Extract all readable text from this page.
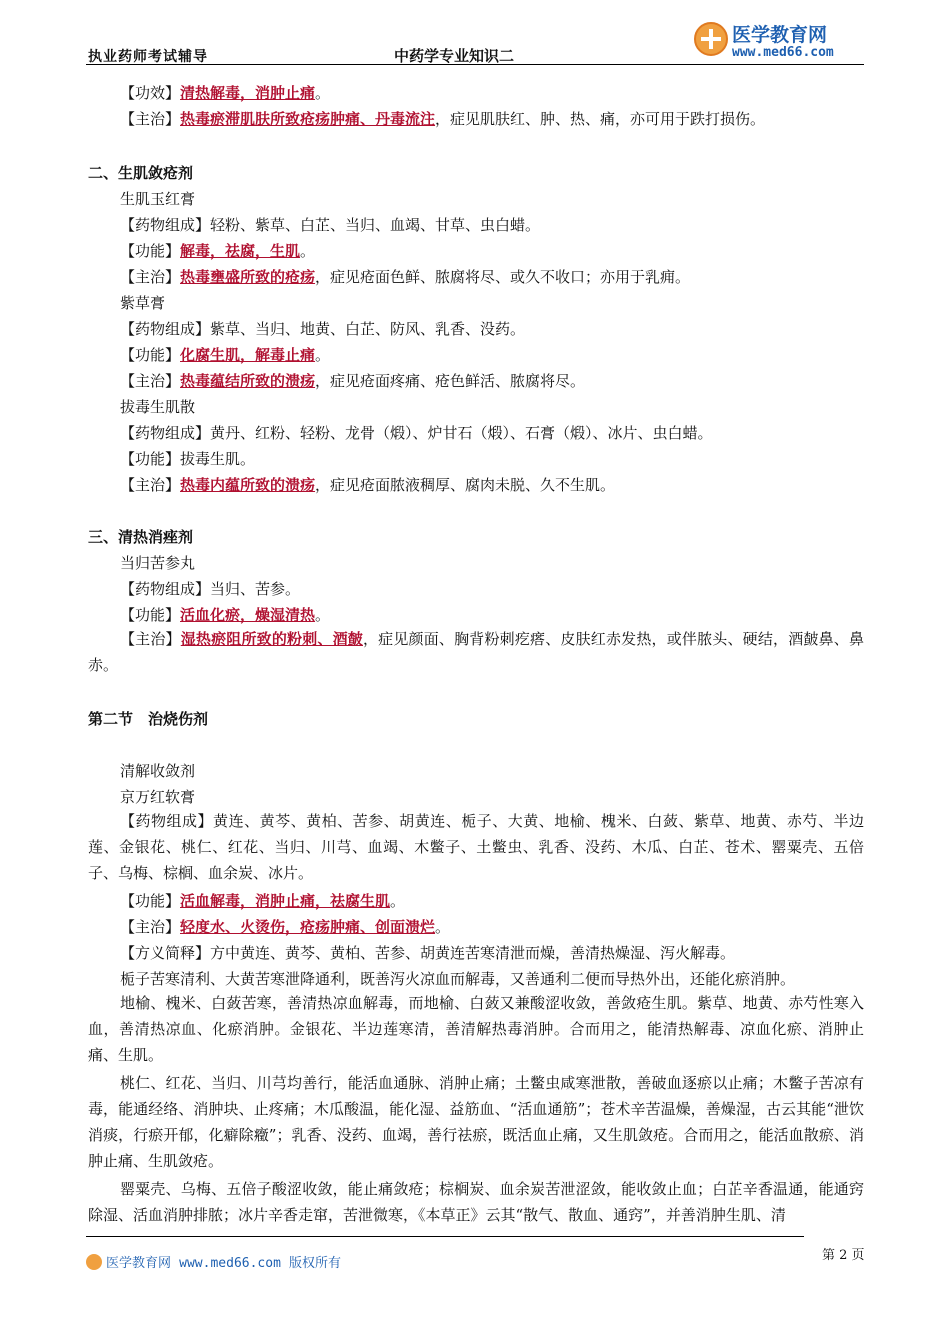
执业药师考试辅导	中药学专业知识二
医学教育网
www.med66.com
【功效】清热解毒，消肿止痛。
【主治】热毒瘀滞肌肤所致疮疡肿痛、丹毒流注，症见肌肤红、肿、热、痛，亦可用于跌打损伤。
二、生肌敛疮剂
生肌玉红膏
【药物组成】轻粉、紫草、白芷、当归、血竭、甘草、虫白蜡。
【功能】解毒，祛腐，生肌。
【主治】热毒壅盛所致的疮疡，症见疮面色鲜、脓腐将尽、或久不收口；亦用于乳痈。
紫草膏
【药物组成】紫草、当归、地黄、白芷、防风、乳香、没药。
【功能】化腐生肌，解毒止痛。
【主治】热毒蕴结所致的溃疡，症见疮面疼痛、疮色鲜活、脓腐将尽。
拔毒生肌散
【药物组成】黄丹、红粉、轻粉、龙骨（煅）、炉甘石（煅）、石膏（煅）、冰片、虫白蜡。
【功能】拔毒生肌。
【主治】热毒内蕴所致的溃疡，症见疮面脓液稠厚、腐肉未脱、久不生肌。
三、清热消痤剂
当归苦参丸
【药物组成】当归、苦参。
【功能】活血化瘀，燥湿清热。
【主治】湿热瘀阻所致的粉刺、酒皶，症见颜面、胸背粉刺疙瘩、皮肤红赤发热，或伴脓头、硬结，酒皶鼻、鼻赤。
第二节　治烧伤剂
清解收敛剂
京万红软膏
【药物组成】黄连、黄芩、黄柏、苦参、胡黄连、栀子、大黄、地榆、槐米、白蔹、紫草、地黄、赤芍、半边莲、金银花、桃仁、红花、当归、川芎、血竭、木鳖子、土鳖虫、乳香、没药、木瓜、白芷、苍术、罂粟壳、五倍子、乌梅、棕榈、血余炭、冰片。
【功能】活血解毒，消肿止痛，祛腐生肌。
【主治】轻度水、火烫伤，疮疡肿痛、创面溃烂。
【方义简释】方中黄连、黄芩、黄柏、苦参、胡黄连苦寒清泄而燥，善清热燥湿、泻火解毒。
栀子苦寒清利、大黄苦寒泄降通利，既善泻火凉血而解毒，又善通利二便而导热外出，还能化瘀消肿。
地榆、槐米、白蔹苦寒，善清热凉血解毒，而地榆、白蔹又兼酸涩收敛，善敛疮生肌。紫草、地黄、赤芍性寒入血，善清热凉血、化瘀消肿。金银花、半边莲寒清，善清解热毒消肿。合而用之，能清热解毒、凉血化瘀、消肿止痛、生肌。
桃仁、红花、当归、川芎均善行，能活血通脉、消肿止痛；土鳖虫咸寒泄散，善破血逐瘀以止痛；木鳖子苦凉有毒，能通经络、消肿块、止疼痛；木瓜酸温，能化湿、益筋血、“活血通筋”；苍术辛苦温燥，善燥湿，古云其能“泄饮消痰，行瘀开郁，化癖除癥”；乳香、没药、血竭，善行祛瘀，既活血止痛，又生肌敛疮。合而用之，能活血散瘀、消肿止痛、生肌敛疮。
罂粟壳、乌梅、五倍子酸涩收敛，能止痛敛疮；棕榈炭、血余炭苦泄涩敛，能收敛止血；白芷辛香温通，能通窍除湿、活血消肿排脓；冰片辛香走窜，苦泄微寒，《本草正》云其“散气、散血、通窍”，并善消肿生肌、清
医学教育网 www.med66.com 版权所有
第 2 页
